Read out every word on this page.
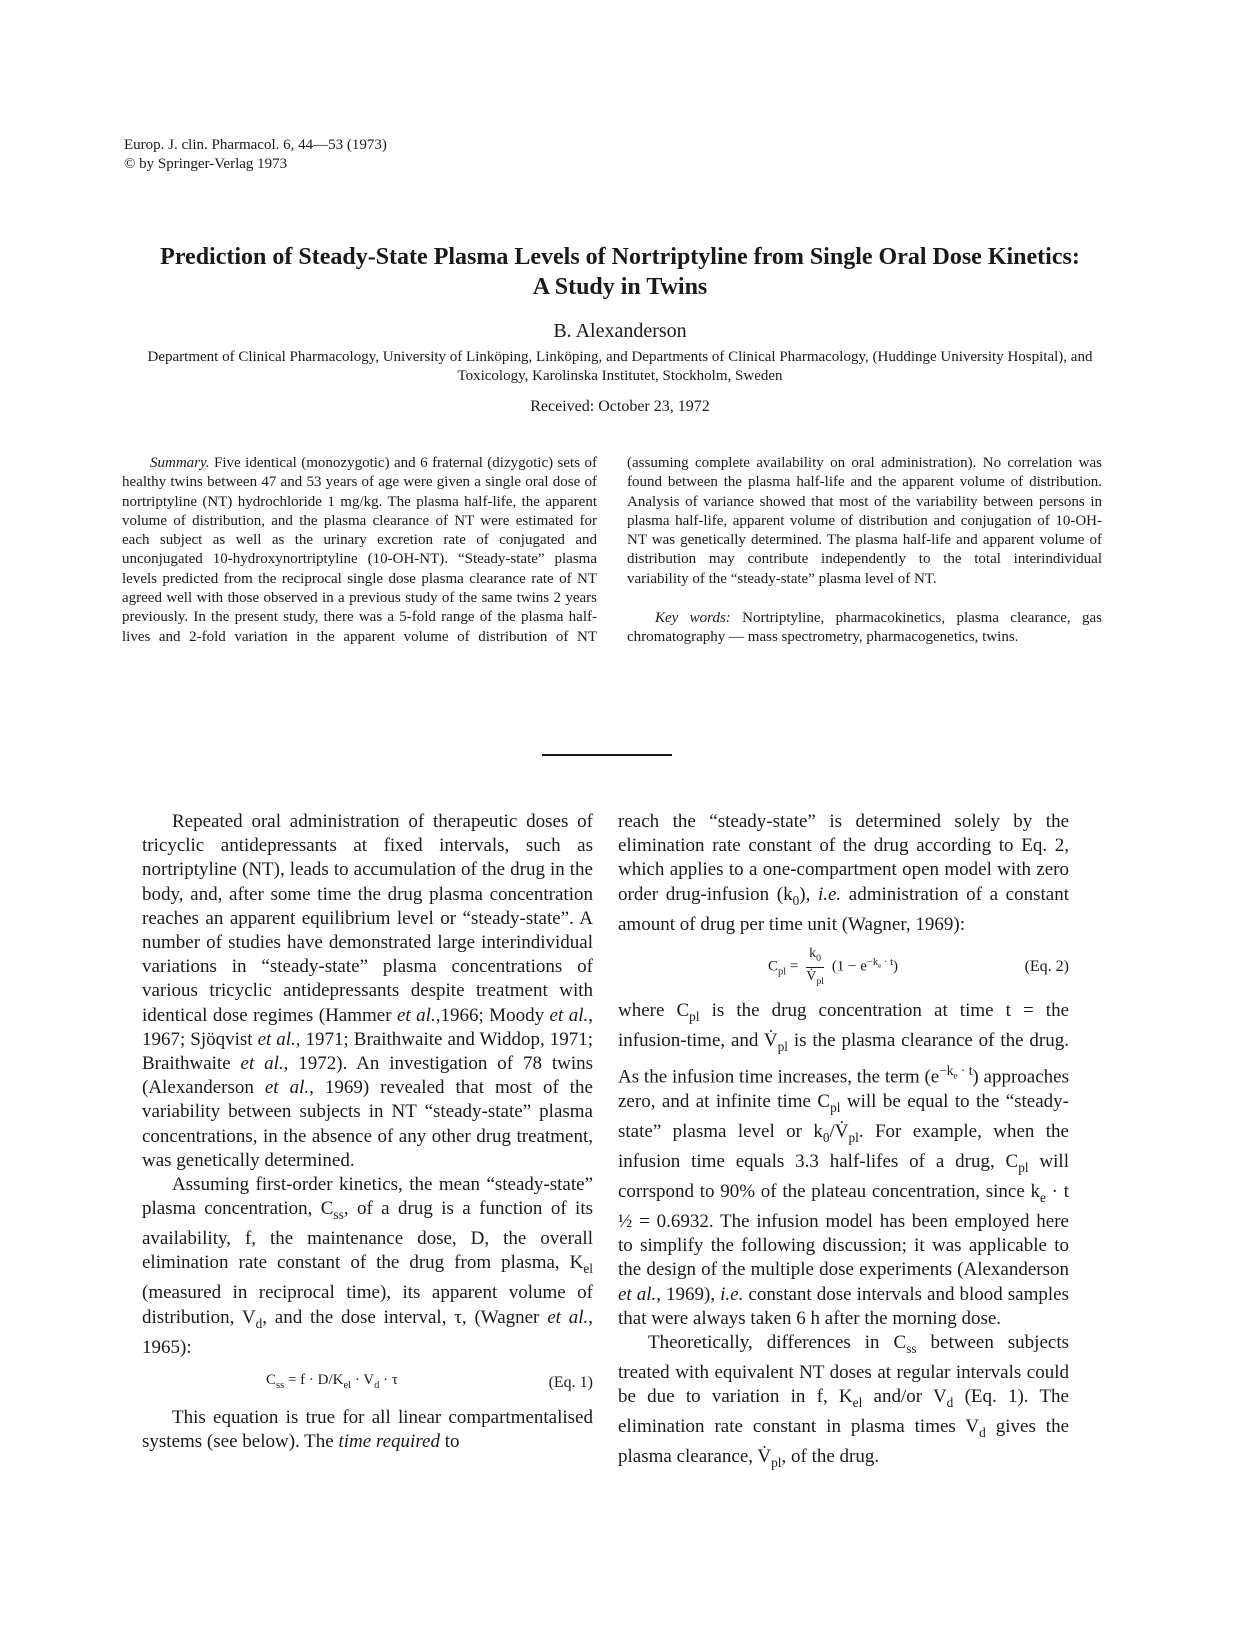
Europ. J. clin. Pharmacol. 6, 44—53 (1973)
© by Springer-Verlag 1973
Prediction of Steady-State Plasma Levels of Nortriptyline from Single Oral Dose Kinetics:
A Study in Twins
B. Alexanderson
Department of Clinical Pharmacology, University of Linköping, Linköping, and Departments of Clinical Pharmacology, (Huddinge University Hospital), and Toxicology, Karolinska Institutet, Stockholm, Sweden
Received: October 23, 1972

Summary. Five identical (monozygotic) and 6 fraternal (dizygotic) sets of healthy twins between 47 and 53 years of age were given a single oral dose of nortriptyline (NT) hydrochloride 1 mg/kg. The plasma half-life, the apparent volume of distribution, and the plasma clearance of NT were estimated for each subject as well as the urinary excretion rate of conjugated and unconjugated 10-hydroxynortriptyline (10-OH-NT). “Steady-state” plasma levels predicted from the reciprocal single dose plasma clearance rate of NT agreed well with those observed in a previous study of the same twins 2 years previously. In the present study, there was a 5-fold range of the plasma half-lives and 2-fold variation in the apparent volume of distribution of NT (assuming complete availability on oral administration). No correlation was found between the plasma half-life and the apparent volume of distribution. Analysis of variance showed that most of the variability between persons in plasma half-life, apparent volume of distribution and conjugation of 10-OH-NT was genetically determined. The plasma half-life and apparent volume of distribution may contribute independently to the total interindividual variability of the “steady-state” plasma level of NT.

Key words: Nortriptyline, pharmacokinetics, plasma clearance, gas chromatography — mass spectrometry, pharmacogenetics, twins.

Repeated oral administration of therapeutic doses of tricyclic antidepressants at fixed intervals, such as nortriptyline (NT), leads to accumulation of the drug in the body, and, after some time the drug plasma concentration reaches an apparent equilibrium level or “steady-state”. A number of studies have demonstrated large interindividual variations in “steady-state” plasma concentrations of various tricyclic antidepressants despite treatment with identical dose regimes (Hammer et al.,1966; Moody et al., 1967; Sjöqvist et al., 1971; Braithwaite and Widdop, 1971; Braithwaite et al., 1972). An investigation of 78 twins (Alexanderson et al., 1969) revealed that most of the variability between subjects in NT “steady-state” plasma concentrations, in the absence of any other drug treatment, was genetically determined.

Assuming first-order kinetics, the mean “steady-state” plasma concentration, $C_{ss}$, of a drug is a function of its availability, f, the maintenance dose, D, the overall elimination rate constant of the drug from plasma, $K_{el}$ (measured in reciprocal time), its apparent volume of distribution, $V_d$, and the dose interval, τ, (Wagner et al., 1965):

$C_{ss} = f \cdot D/K_{el} \cdot V_d \cdot \tau$	(Eq. 1)

This equation is true for all linear compartmentalised systems (see below). The time required to

reach the “steady-state” is determined solely by the elimination rate constant of the drug according to Eq. 2, which applies to a one-compartment open model with zero order drug-infusion $(k_0)$, i.e. administration of a constant amount of drug per time unit (Wagner, 1969):

$C_{pl} = \frac{k_0}{V̇_{pl}} (1 - e^{-k_e \cdot t})$	(Eq. 2)

where $C_{pl}$ is the drug concentration at time t = the infusion-time, and $V̇_{pl}$ is the plasma clearance of the drug. As the infusion time increases, the term $(e^{-k_e \cdot t})$ approaches zero, and at infinite time $C_{pl}$ will be equal to the “steady-state” plasma level or $k_0/V̇_{pl}$. For example, when the infusion time equals 3.3 half-lifes of a drug, $C_{pl}$ will corrspond to 90% of the plateau concentration, since $k_e \cdot t$ ½ = 0.6932. The infusion model has been employed here to simplify the following discussion; it was applicable to the design of the multiple dose experiments (Alexanderson et al., 1969), i.e. constant dose intervals and blood samples that were always taken 6 h after the morning dose.

Theoretically, differences in $C_{ss}$ between subjects treated with equivalent NT doses at regular intervals could be due to variation in f, $K_{el}$ and/or $V_d$ (Eq. 1). The elimination rate constant in plasma times $V_d$ gives the plasma clearance, $V̇_{pl}$, of the drug.
